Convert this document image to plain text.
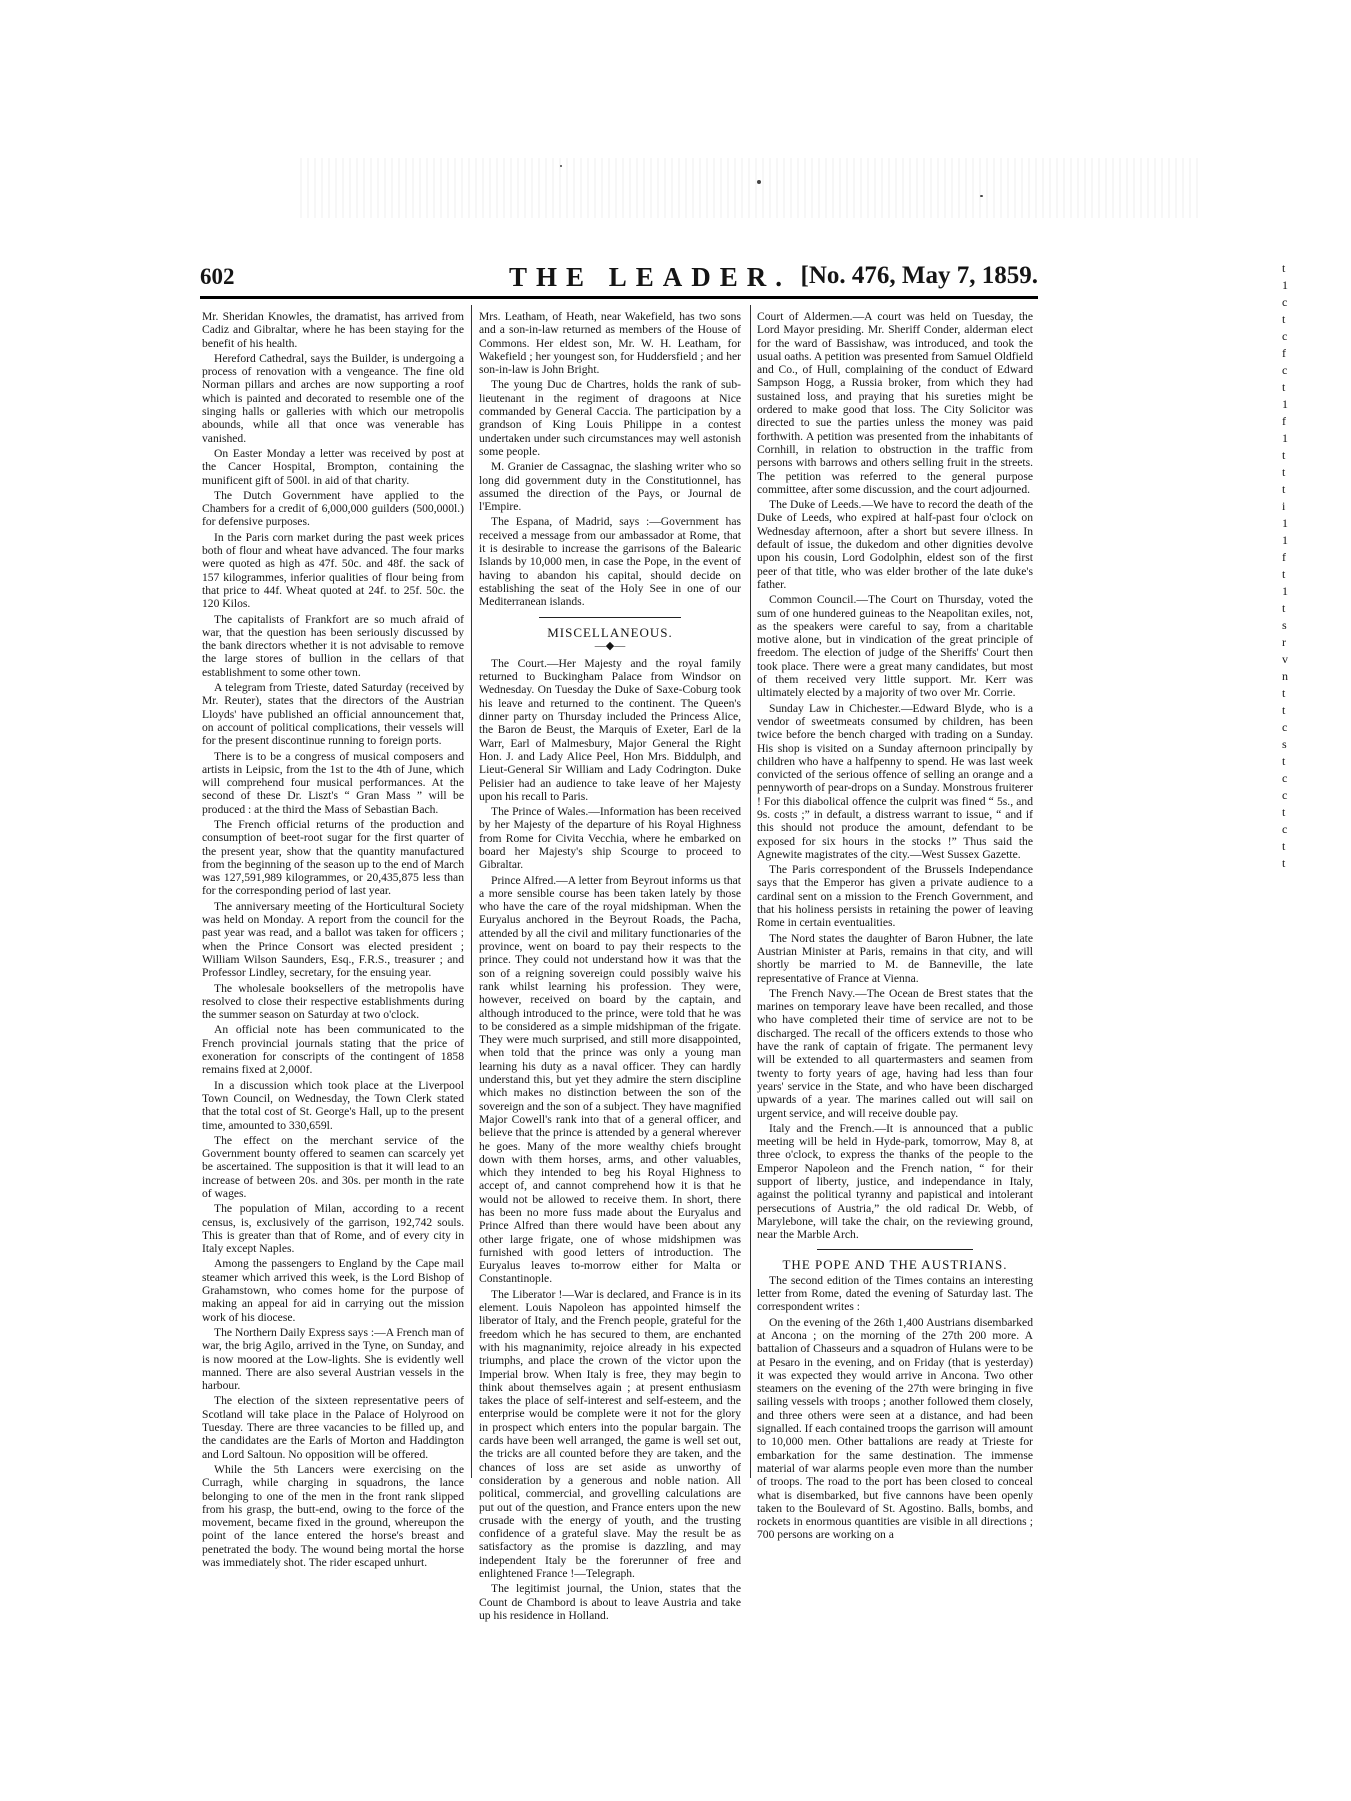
602	THE LEADER. [No. 476, May 7, 1859.

Mr. Sheridan Knowles, the dramatist, has arrived from Cadiz and Gibraltar, where he has been staying for the benefit of his health.

Hereford Cathedral, says the Builder, is undergoing a process of renovation with a vengeance. The fine old Norman pillars and arches are now supporting a roof which is painted and decorated to resemble one of the singing halls or galleries with which our metropolis abounds, while all that once was venerable has vanished.

On Easter Monday a letter was received by post at the Cancer Hospital, Brompton, containing the munificent gift of 500l. in aid of that charity.

The Dutch Government have applied to the Chambers for a credit of 6,000,000 guilders (500,000l.) for defensive purposes.

In the Paris corn market during the past week prices both of flour and wheat have advanced. The four marks were quoted as high as 47f. 50c. and 48f. the sack of 157 kilogrammes, inferior qualities of flour being from that price to 44f. Wheat quoted at 24f. to 25f. 50c. the 120 Kilos.

The capitalists of Frankfort are so much afraid of war, that the question has been seriously discussed by the bank directors whether it is not advisable to remove the large stores of bullion in the cellars of that establishment to some other town.

A telegram from Trieste, dated Saturday (received by Mr. Reuter), states that the directors of the Austrian Lloyds' have published an official announcement that, on account of political complications, their vessels will for the present discontinue running to foreign ports.

There is to be a congress of musical composers and artists in Leipsic, from the 1st to the 4th of June, which will comprehend four musical performances. At the second of these Dr. Liszt's “ Gran Mass ” will be produced : at the third the Mass of Sebastian Bach.

The French official returns of the production and consumption of beet-root sugar for the first quarter of the present year, show that the quantity manufactured from the beginning of the season up to the end of March was 127,591,989 kilogrammes, or 20,435,875 less than for the corresponding period of last year.

The anniversary meeting of the Horticultural Society was held on Monday. A report from the council for the past year was read, and a ballot was taken for officers ; when the Prince Consort was elected president ; William Wilson Saunders, Esq., F.R.S., treasurer ; and Professor Lindley, secretary, for the ensuing year.

The wholesale booksellers of the metropolis have resolved to close their respective establishments during the summer season on Saturday at two o'clock.

An official note has been communicated to the French provincial journals stating that the price of exoneration for conscripts of the contingent of 1858 remains fixed at 2,000f.

In a discussion which took place at the Liverpool Town Council, on Wednesday, the Town Clerk stated that the total cost of St. George's Hall, up to the present time, amounted to 330,659l.

The effect on the merchant service of the Government bounty offered to seamen can scarcely yet be ascertained. The supposition is that it will lead to an increase of between 20s. and 30s. per month in the rate of wages.

The population of Milan, according to a recent census, is, exclusively of the garrison, 192,742 souls. This is greater than that of Rome, and of every city in Italy except Naples.

Among the passengers to England by the Cape mail steamer which arrived this week, is the Lord Bishop of Grahamstown, who comes home for the purpose of making an appeal for aid in carrying out the mission work of his diocese.

The Northern Daily Express says :—A French man of war, the brig Agilo, arrived in the Tyne, on Sunday, and is now moored at the Low-lights. She is evidently well manned. There are also several Austrian vessels in the harbour.

The election of the sixteen representative peers of Scotland will take place in the Palace of Holyrood on Tuesday. There are three vacancies to be filled up, and the candidates are the Earls of Morton and Haddington and Lord Saltoun. No opposition will be offered.

While the 5th Lancers were exercising on the Curragh, while charging in squadrons, the lance belonging to one of the men in the front rank slipped from his grasp, the butt-end, owing to the force of the movement, became fixed in the ground, whereupon the point of the lance entered the horse's breast and penetrated the body. The wound being mortal the horse was immediately shot. The rider escaped unhurt.

Mrs. Leatham, of Heath, near Wakefield, has two sons and a son-in-law returned as members of the House of Commons. Her eldest son, Mr. W. H. Leatham, for Wakefield ; her youngest son, for Huddersfield ; and her son-in-law is John Bright.

The young Duc de Chartres, holds the rank of sub-lieutenant in the regiment of dragoons at Nice commanded by General Caccia. The participation by a grandson of King Louis Philippe in a contest undertaken under such circumstances may well astonish some people.

M. Granier de Cassagnac, the slashing writer who so long did government duty in the Constitutionnel, has assumed the direction of the Pays, or Journal de l'Empire.

The Espana, of Madrid, says :—Government has received a message from our ambassador at Rome, that it is desirable to increase the garrisons of the Balearic Islands by 10,000 men, in case the Pope, in the event of having to abandon his capital, should decide on establishing the seat of the Holy See in one of our Mediterranean islands.

MISCELLANEOUS.
—◆—

The Court.—Her Majesty and the royal family returned to Buckingham Palace from Windsor on Wednesday. On Tuesday the Duke of Saxe-Coburg took his leave and returned to the continent. The Queen's dinner party on Thursday included the Princess Alice, the Baron de Beust, the Marquis of Exeter, Earl de la Warr, Earl of Malmesbury, Major General the Right Hon. J. and Lady Alice Peel, Hon Mrs. Biddulph, and Lieut-General Sir William and Lady Codrington. Duke Pelisier had an audience to take leave of her Majesty upon his recall to Paris.

The Prince of Wales.—Information has been received by her Majesty of the departure of his Royal Highness from Rome for Civita Vecchia, where he embarked on board her Majesty's ship Scourge to proceed to Gibraltar.

Prince Alfred.—A letter from Beyrout informs us that a more sensible course has been taken lately by those who have the care of the royal midshipman. When the Euryalus anchored in the Beyrout Roads, the Pacha, attended by all the civil and military functionaries of the province, went on board to pay their respects to the prince. They could not understand how it was that the son of a reigning sovereign could possibly waive his rank whilst learning his profession. They were, however, received on board by the captain, and although introduced to the prince, were told that he was to be considered as a simple midshipman of the frigate. They were much surprised, and still more disappointed, when told that the prince was only a young man learning his duty as a naval officer. They can hardly understand this, but yet they admire the stern discipline which makes no distinction between the son of the sovereign and the son of a subject. They have magnified Major Cowell's rank into that of a general officer, and believe that the prince is attended by a general wherever he goes. Many of the more wealthy chiefs brought down with them horses, arms, and other valuables, which they intended to beg his Royal Highness to accept of, and cannot comprehend how it is that he would not be allowed to receive them. In short, there has been no more fuss made about the Euryalus and Prince Alfred than there would have been about any other large frigate, one of whose midshipmen was furnished with good letters of introduction. The Euryalus leaves to-morrow either for Malta or Constantinople.

The Liberator !—War is declared, and France is in its element. Louis Napoleon has appointed himself the liberator of Italy, and the French people, grateful for the freedom which he has secured to them, are enchanted with his magnanimity, rejoice already in his expected triumphs, and place the crown of the victor upon the Imperial brow. When Italy is free, they may begin to think about themselves again ; at present enthusiasm takes the place of self-interest and self-esteem, and the enterprise would be complete were it not for the glory in prospect which enters into the popular bargain. The cards have been well arranged, the game is well set out, the tricks are all counted before they are taken, and the chances of loss are set aside as unworthy of consideration by a generous and noble nation. All political, commercial, and grovelling calculations are put out of the question, and France enters upon the new crusade with the energy of youth, and the trusting confidence of a grateful slave. May the result be as satisfactory as the promise is dazzling, and may independent Italy be the forerunner of free and enlightened France !—Telegraph.

The legitimist journal, the Union, states that the Count de Chambord is about to leave Austria and take up his residence in Holland.

Court of Aldermen.—A court was held on Tuesday, the Lord Mayor presiding. Mr. Sheriff Conder, alderman elect for the ward of Bassishaw, was introduced, and took the usual oaths. A petition was presented from Samuel Oldfield and Co., of Hull, complaining of the conduct of Edward Sampson Hogg, a Russia broker, from which they had sustained loss, and praying that his sureties might be ordered to make good that loss. The City Solicitor was directed to sue the parties unless the money was paid forthwith. A petition was presented from the inhabitants of Cornhill, in relation to obstruction in the traffic from persons with barrows and others selling fruit in the streets. The petition was referred to the general purpose committee, after some discussion, and the court adjourned.

The Duke of Leeds.—We have to record the death of the Duke of Leeds, who expired at half-past four o'clock on Wednesday afternoon, after a short but severe illness. In default of issue, the dukedom and other dignities devolve upon his cousin, Lord Godolphin, eldest son of the first peer of that title, who was elder brother of the late duke's father.

Common Council.—The Court on Thursday, voted the sum of one hundered guineas to the Neapolitan exiles, not, as the speakers were careful to say, from a charitable motive alone, but in vindication of the great principle of freedom. The election of judge of the Sheriffs' Court then took place. There were a great many candidates, but most of them received very little support. Mr. Kerr was ultimately elected by a majority of two over Mr. Corrie.

Sunday Law in Chichester.—Edward Blyde, who is a vendor of sweetmeats consumed by children, has been twice before the bench charged with trading on a Sunday. His shop is visited on a Sunday afternoon principally by children who have a halfpenny to spend. He was last week convicted of the serious offence of selling an orange and a pennyworth of pear-drops on a Sunday. Monstrous fruiterer ! For this diabolical offence the culprit was fined “ 5s., and 9s. costs ;” in default, a distress warrant to issue, “ and if this should not produce the amount, defendant to be exposed for six hours in the stocks !” Thus said the Agnewite magistrates of the city.—West Sussex Gazette.

The Paris correspondent of the Brussels Independance says that the Emperor has given a private audience to a cardinal sent on a mission to the French Government, and that his holiness persists in retaining the power of leaving Rome in certain eventualities.

The Nord states the daughter of Baron Hubner, the late Austrian Minister at Paris, remains in that city, and will shortly be married to M. de Banneville, the late representative of France at Vienna.

The French Navy.—The Ocean de Brest states that the marines on temporary leave have been recalled, and those who have completed their time of service are not to be discharged. The recall of the officers extends to those who have the rank of captain of frigate. The permanent levy will be extended to all quartermasters and seamen from twenty to forty years of age, having had less than four years' service in the State, and who have been discharged upwards of a year. The marines called out will sail on urgent service, and will receive double pay.

Italy and the French.—It is announced that a public meeting will be held in Hyde-park, tomorrow, May 8, at three o'clock, to express the thanks of the people to the Emperor Napoleon and the French nation, “ for their support of liberty, justice, and independance in Italy, against the political tyranny and papistical and intolerant persecutions of Austria,” the old radical Dr. Webb, of Marylebone, will take the chair, on the reviewing ground, near the Marble Arch.

THE POPE AND THE AUSTRIANS.

The second edition of the Times contains an interesting letter from Rome, dated the evening of Saturday last. The correspondent writes :

On the evening of the 26th 1,400 Austrians disembarked at Ancona ; on the morning of the 27th 200 more. A battalion of Chasseurs and a squadron of Hulans were to be at Pesaro in the evening, and on Friday (that is yesterday) it was expected they would arrive in Ancona. Two other steamers on the evening of the 27th were bringing in five sailing vessels with troops ; another followed them closely, and three others were seen at a distance, and had been signalled. If each contained troops the garrison will amount to 10,000 men. Other battalions are ready at Trieste for embarkation for the same destination. The immense material of war alarms people even more than the number of troops. The road to the port has been closed to conceal what is disembarked, but five cannons have been openly taken to the Boulevard of St. Agostino. Balls, bombs, and rockets in enormous quantities are visible in all directions ; 700 persons are working on a

t
1
c
t
c
f
c
t
1
f
1
t
t
t
i
1
1
f
t
1
t
s
r
v
n
t
t
c
s
t
c
c
t
c
t
t
